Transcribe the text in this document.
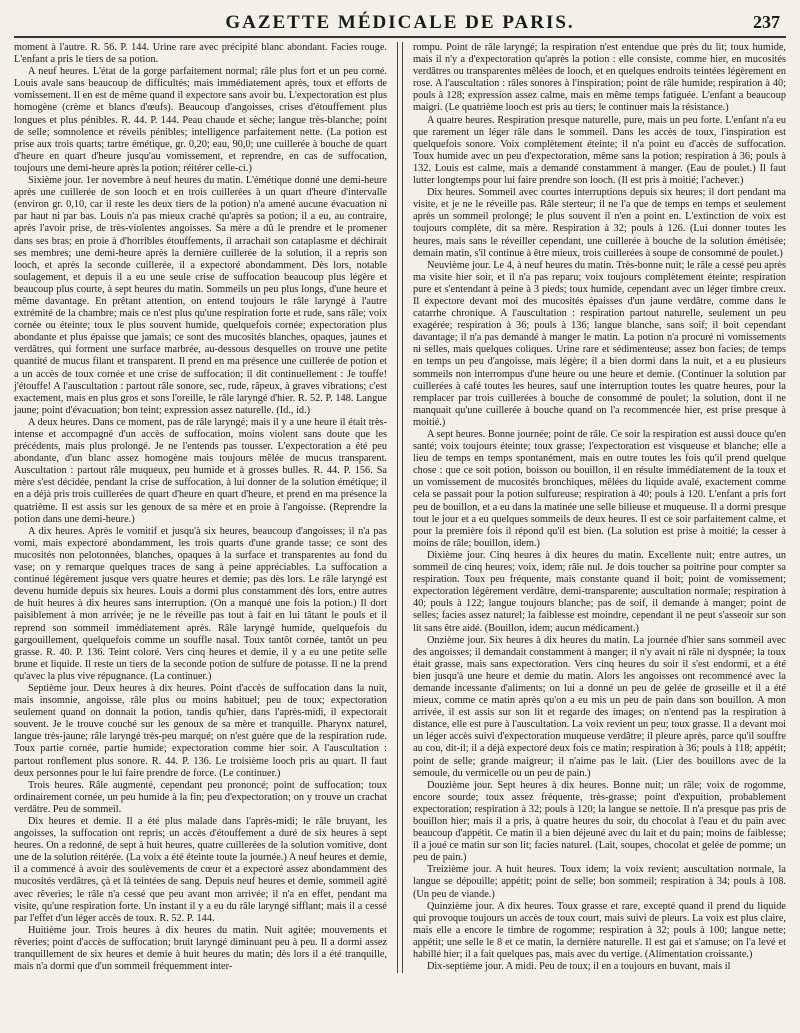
GAZETTE MÉDICALE DE PARIS.	237

moment à l'autre. R. 56. P. 144. Urine rare avec précipité blanc abondant. Facies rouge. L'enfant a pris le tiers de sa potion.

A neuf heures. L'état de la gorge parfaitement normal; râle plus fort et un peu corné. Louis avale sans beaucoup de difficultés; mais immédiatement après, toux et efforts de vomissement. Il en est de même quand il expectore sans avoir bu. L'expectoration est plus homogène (crème et blancs d'œufs). Beaucoup d'angoisses, crises d'étouffement plus longues et plus pénibles. R. 44. P. 144. Peau chaude et sèche; langue très-blanche; point de selle; somnolence et réveils pénibles; intelligence parfaitement nette. (La potion est prise aux trois quarts; tartre émétique, gr. 0,20; eau, 90,0; une cuillerée à bouche de quart d'heure en quart d'heure jusqu'au vomissement, et reprendre, en cas de suffocation, toujours une demi-heure après la potion; réitérer celle-ci.)

Sixième jour. 1er novembre à neuf heures du matin. L'émétique donné une demi-heure après une cuillerée de son looch et en trois cuillerées à un quart d'heure d'intervalle (environ gr. 0,10, car il reste les deux tiers de la potion) n'a amené aucune évacuation ni par haut ni par bas. Louis n'a pas mieux craché qu'après sa potion; il a eu, au contraire, après l'avoir prise, de très-violentes angoisses. Sa mère a dû le prendre et le promener dans ses bras; en proie à d'horribles étouffements, il arrachait son cataplasme et déchirait ses membres; une demi-heure après la dernière cuillerée de la solution, il a repris son looch, et après la seconde cuillerée, il a expectoré abondamment. Dès lors, notable soulagement, et depuis il a eu une seule crise de suffocation beaucoup plus légère et beaucoup plus courte, à sept heures du matin. Sommeils un peu plus longs, d'une heure et même davantage. En prêtant attention, on entend toujours le râle laryngé à l'autre extrémité de la chambre; mais ce n'est plus qu'une respiration forte et rude, sans râle; voix cornée ou éteinte; toux le plus souvent humide, quelquefois cornée; expectoration plus abondante et plus épaisse que jamais; ce sont des mucosités blanches, opaques, jaunes et verdâtres, qui forment une surface marbrée, au-dessous desquelles on trouve une petite quantité de mucus filant et transparent. Il prend en ma présence une cuillerée de potion et a un accès de toux cornée et une crise de suffocation; il dit continuellement : Je touffe! j'étouffe! A l'auscultation : partout râle sonore, sec, rude, râpeux, à graves vibrations; c'est exactement, mais en plus gros et sons l'oreille, le râle laryngé d'hier. R. 52. P. 148. Langue jaune; point d'évacuation; bon teint; expression assez naturelle. (Id., id.)

A deux heures. Dans ce moment, pas de râle laryngé; mais il y a une heure il était très-intense et accompagné d'un accès de suffocation, moins violent sans doute que les précédents, mais plus prolongé. Je ne l'entends pas tousser. L'expectoration a été peu abondante, d'un blanc assez homogène mais toujours mêlée de mucus transparent. Auscultation : partout râle muqueux, peu humide et à grosses bulles. R. 44. P. 156. Sa mère s'est décidée, pendant la crise de suffocation, à lui donner de la solution émétique; il en a déjà pris trois cuillerées de quart d'heure en quart d'heure, et prend en ma présence la quatrième. Il est assis sur les genoux de sa mère et en proie à l'angoisse. (Reprendre la potion dans une demi-heure.)

A dix heures. Après le vomitif et jusqu'à six heures, beaucoup d'angoisses; il n'a pas vomi, mais expectoré abondamment, les trois quarts d'une grande tasse; ce sont des mucosités non pelotonnées, blanches, opaques à la surface et transparentes au fond du vase; on y remarque quelques traces de sang à peine appréciables. La suffocation a continué légèrement jusque vers quatre heures et demie; pas dès lors. Le râle laryngé est devenu humide depuis six heures. Louis a dormi plus constamment dès lors, entre autres de huit heures à dix heures sans interruption. (On a manqué une fois la potion.) Il dort paisiblement à mon arrivée; je ne le réveille pas tout à fait en lui tâtant le pouls et il reprend son sommeil immédiatement après. Râle laryngé humide, quelquefois du gargouillement, quelquefois comme un souffle nasal. Toux tantôt cornée, tantôt un peu grasse. R. 40. P. 136. Teint coloré. Vers cinq heures et demie, il y a eu une petite selle brune et liquide. Il reste un tiers de la seconde potion de sulfure de potasse. Il ne la prend qu'avec la plus vive répugnance. (La continuer.)

Septième jour. Deux heures à dix heures. Point d'accès de suffocation dans la nuit, mais insomnie, angoisse, râle plus ou moins habituel; peu de toux; expectoration seulement quand on donnait la potion, tandis qu'hier, dans l'après-midi, il expectorait souvent. Je le trouve couché sur les genoux de sa mère et tranquille. Pharynx naturel, langue très-jaune; râle laryngé très-peu marqué; on n'est guère que de la respiration rude. Toux partie cornée, partie humide; expectoration comme hier soir. A l'auscultation : partout ronflement plus sonore. R. 44. P. 136. Le troisième looch pris au quart. Il faut deux personnes pour le lui faire prendre de force. (Le continuer.)

Trois heures. Râle augmenté, cependant peu prononcé; point de suffocation; toux ordinairement cornée, un peu humide à la fin; peu d'expectoration; on y trouve un crachat verdâtre. Peu de sommeil.

Dix heures et demie. Il a été plus malade dans l'après-midi; le râle bruyant, les angoisses, la suffocation ont repris; un accès d'étouffement a duré de six heures à sept heures. On a redonné, de sept à huit heures, quatre cuillerées de la solution vomitive, dont une de la solution réitérée. (La voix a été éteinte toute la journée.) A neuf heures et demie, il a commencé à avoir des soulèvements de cœur et a expectoré assez abondamment des mucosités verdâtres, çà et là teintées de sang. Depuis neuf heures et demie, sommeil agité avec rêveries; le râle n'a cessé que peu avant mon arrivée; il n'a en effet, pendant ma visite, qu'une respiration forte. Un instant il y a eu du râle laryngé sifflant; mais il a cessé par l'effet d'un léger accès de toux. R. 52. P. 144.

Huitième jour. Trois heures à dix heures du matin. Nuit agitée; mouvements et rêveries; point d'accès de suffocation; bruit laryngé diminuant peu à peu. Il a dormi assez tranquillement de six heures et demie à huit heures du matin; dès lors il a été tranquille, mais n'a dormi que d'un sommeil fréquemment inter-

rompu. Point de râle laryngé; la respiration n'est entendue que près du lit; toux humide, mais il n'y a d'expectoration qu'après la potion : elle consiste, comme hier, en mucosités verdâtres ou transparentes mêlées de looch, et en quelques endroits teintées légèrement en rose. A l'auscultation : râles sonores à l'inspiration; point de râle humide; respiration à 40; pouls à 128; expression assez calme, mais en même temps fatiguée. L'enfant a beaucoup maigri. (Le quatrième looch est pris au tiers; le continuer mais la résistance.)

A quatre heures. Respiration presque naturelle, pure, mais un peu forte. L'enfant n'a eu que rarement un léger râle dans le sommeil. Dans les accès de toux, l'inspiration est quelquefois sonore. Voix complètement éteinte; il n'a point eu d'accès de suffocation. Toux humide avec un peu d'expectoration, même sans la potion; respiration à 36; pouls à 132. Louis est calme, mais a demandé constamment à manger. (Eau de poulet.) Il faut lutter longtemps pour lui faire prendre son looch. (Il est pris à moitié; l'achever.)

Dix heures. Sommeil avec courtes interruptions depuis six heures; il dort pendant ma visite, et je ne le réveille pas. Râle sterteur; il ne l'a que de temps en temps et seulement après un sommeil prolongé; le plus souvent il n'en a point en. L'extinction de voix est toujours complète, dit sa mère. Respiration à 32; pouls à 126. (Lui donner toutes les heures, mais sans le réveiller cependant, une cuillerée à bouche de la solution émétisée; demain matin, s'il continue à être mieux, trois cuillerées à soupe de consommé de poulet.)

Neuvième jour. Le 4, à neuf heures du matin. Très-bonne nuit; le râle a cessé peu après ma visite hier soir, et il n'a pas reparu; voix toujours complètement éteinte; respiration pure et s'entendant à peine à 3 pieds; toux humide, cependant avec un léger timbre creux. Il expectore devant moi des mucosités épaisses d'un jaune verdâtre, comme dans le catarrhe chronique. A l'auscultation : respiration partout naturelle, seulement un peu exagérée; respiration à 36; pouls à 136; langue blanche, sans soif; il boit cependant davantage; il n'a pas demandé à manger le matin. La potion n'a procuré ni vomissements ni selles, mais quelques coliques. Urine rare et sédimenteuse; assez bon facies; de temps en temps un peu d'angoisse, mais légère; il a bien dormi dans la nuit, et a eu plusieurs sommeils non interrompus d'une heure ou une heure et demie. (Continuer la solution par cuillerées à café toutes les heures, sauf une interruption toutes les quatre heures, pour la remplacer par trois cuillerées à bouche de consommé de poulet; la solution, dont il ne manquait qu'une cuillerée à bouche quand on l'a recommencée hier, est prise presque à moitié.)

A sept heures. Bonne journée; point de râle. Ce soir la respiration est aussi douce qu'en santé; voix toujours éteinte; toux grasse; l'expectoration est visqueuse et blanche; elle a lieu de temps en temps spontanément, mais en outre toutes les fois qu'il prend quelque chose : que ce soit potion, boisson ou bouillon, il en résulte immédiatement de la toux et un vomissement de mucosités bronchiques, mêlées du liquide avalé, exactement comme cela se passait pour la potion sulfureuse; respiration à 40; pouls à 120. L'enfant a pris fort peu de bouillon, et a eu dans la matinée une selle bilieuse et muqueuse. Il a dormi presque tout le jour et a eu quelques sommeils de deux heures. Il est ce soir parfaitement calme, et pour la première fois il répond qu'il est bien. (La solution est prise à moitié; la cesser à moins de râle; bouillon, idem.)

Dixième jour. Cinq heures à dix heures du matin. Excellente nuit; entre autres, un sommeil de cinq heures; voix, idem; râle nul. Je dois toucher sa poitrine pour compter sa respiration. Toux peu fréquente, mais constante quand il boit; point de vomissement; expectoration légèrement verdâtre, demi-transparente; auscultation normale; respiration à 40; pouls à 122; langue toujours blanche; pas de soif, il demande à manger; point de selles; facies assez naturel; la faiblesse est moindre, cependant il ne peut s'asseoir sur son lit sans être aidé. (Bouillon, idem; aucun médicament.)

Onzième jour. Six heures à dix heures du matin. La journée d'hier sans sommeil avec des angoisses; il demandait constamment à manger; il n'y avait ni râle ni dyspnée; la toux était grasse, mais sans expectoration. Vers cinq heures du soir il s'est endormi, et a été bien jusqu'à une heure et demie du matin. Alors les angoisses ont recommencé avec la demande incessante d'aliments; on lui a donné un peu de gelée de groseille et il a été mieux, comme ce matin après qu'on a eu mis un peu de pain dans son bouillon. A mon arrivée, il est assis sur son lit et regarde des images; on n'entend pas la respiration à distance, elle est pure à l'auscultation. La voix revient un peu; toux grasse. Il a devant moi un léger accès suivi d'expectoration muqueuse verdâtre; il pleure après, parce qu'il souffre au cou, dit-il; il a déjà expectoré deux fois ce matin; respiration à 36; pouls à 118; appétit; point de selle; grande maigreur; il n'aime pas le lait. (Lier des bouillons avec de la semoule, du vermicelle ou un peu de pain.)

Douzième jour. Sept heures à dix heures. Bonne nuit; un râle; voix de rogomme, encore sourde; toux assez fréquente, très-grasse; point d'expuition, probablement expectoration; respiration à 32; pouls à 120; la langue se nettoie. Il n'a presque pas pris de bouillon hier; mais il a pris, à quatre heures du soir, du chocolat à l'eau et du pain avec beaucoup d'appétit. Ce matin il a bien déjeuné avec du lait et du pain; moins de faiblesse; il a joué ce matin sur son lit; facies naturel. (Lait, soupes, chocolat et gelée de pomme; un peu de pain.)

Treizième jour. A huit heures. Toux idem; la voix revient; auscultation normale, la langue se dépouille; appétit; point de selle; bon sommeil; respiration à 34; pouls à 108. (Un peu de viande.)

Quinzième jour. A dix heures. Toux grasse et rare, excepté quand il prend du liquide qui provoque toujours un accès de toux court, mais suivi de pleurs. La voix est plus claire, mais elle a encore le timbre de rogomme; respiration à 32; pouls à 100; langue nette; appétit; une selle le 8 et ce matin, la dernière naturelle. Il est gai et s'amuse; on l'a levé et habillé hier; il a fait quelques pas, mais avec du vertige. (Alimentation croissante.)

Dix-septième jour. A midi. Peu de toux; il en a toujours en buvant, mais il
